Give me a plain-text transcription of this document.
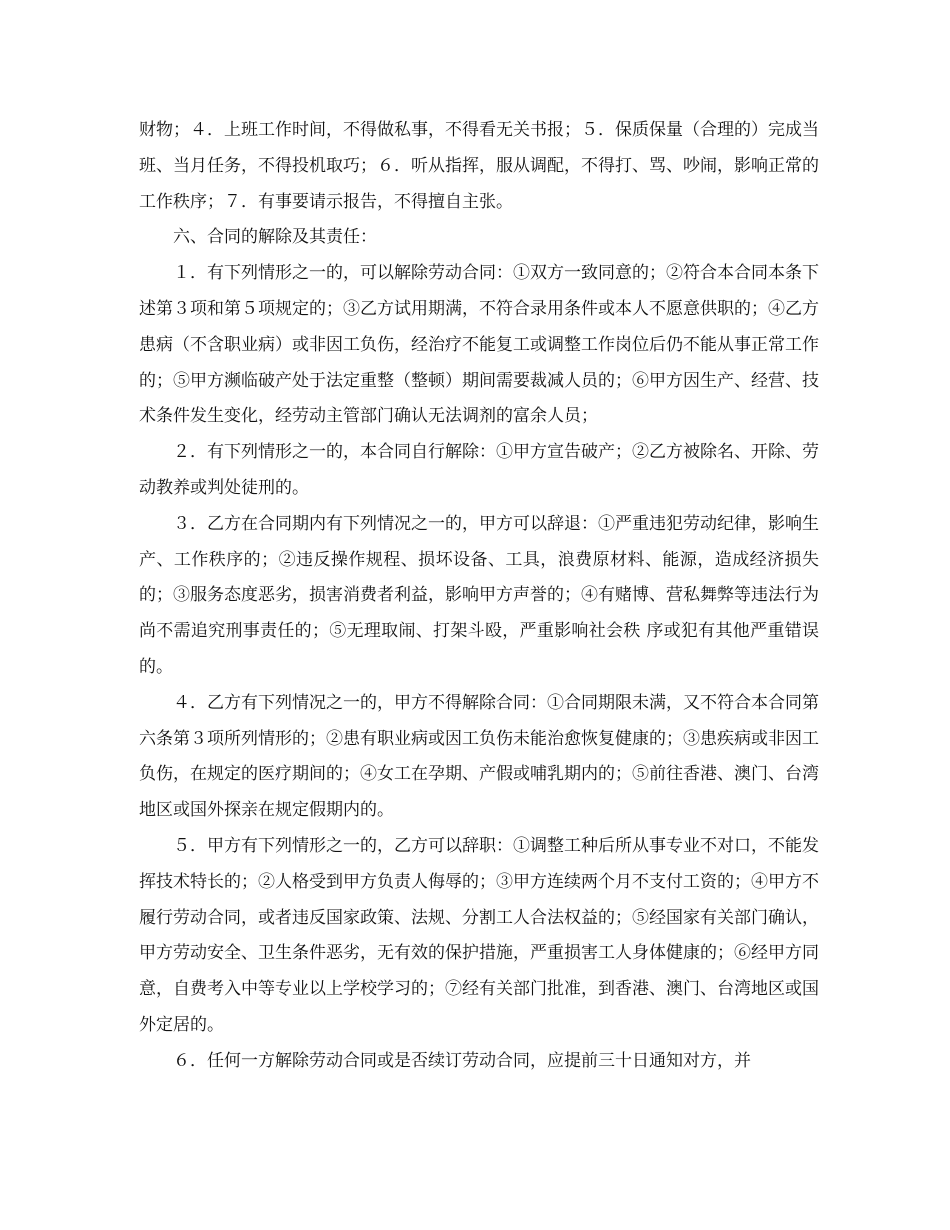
财物；４．上班工作时间，不得做私事，不得看无关书报；５．保质保量（合理的）完成当班、当月任务，不得投机取巧；６．听从指挥，服从调配，不得打、骂、吵闹，影响正常的工作秩序；７．有事要请示报告，不得擅自主张。

六、合同的解除及其责任：

１．有下列情形之一的，可以解除劳动合同：①双方一致同意的；②符合本合同本条下述第３项和第５项规定的；③乙方试用期满，不符合录用条件或本人不愿意供职的；④乙方患病（不含职业病）或非因工负伤，经治疗不能复工或调整工作岗位后仍不能从事正常工作的；⑤甲方濒临破产处于法定重整（整顿）期间需要裁减人员的；⑥甲方因生产、经营、技术条件发生变化，经劳动主管部门确认无法调剂的富余人员；

２．有下列情形之一的，本合同自行解除：①甲方宣告破产；②乙方被除名、开除、劳动教养或判处徒刑的。

３．乙方在合同期内有下列情况之一的，甲方可以辞退：①严重违犯劳动纪律，影响生产、工作秩序的；②违反操作规程、损坏设备、工具，浪费原材料、能源，造成经济损失的；③服务态度恶劣，损害消费者利益，影响甲方声誉的；④有赌博、营私舞弊等违法行为尚不需追究刑事责任的；⑤无理取闹、打架斗殴，严重影响社会秩 序或犯有其他严重错误的。

４．乙方有下列情况之一的，甲方不得解除合同：①合同期限未满，又不符合本合同第六条第３项所列情形的；②患有职业病或因工负伤未能治愈恢复健康的；③患疾病或非因工负伤，在规定的医疗期间的；④女工在孕期、产假或哺乳期内的；⑤前往香港、澳门、台湾地区或国外探亲在规定假期内的。

５．甲方有下列情形之一的，乙方可以辞职：①调整工种后所从事专业不对口，不能发挥技术特长的；②人格受到甲方负责人侮辱的；③甲方连续两个月不支付工资的；④甲方不履行劳动合同，或者违反国家政策、法规、分割工人合法权益的；⑤经国家有关部门确认，甲方劳动安全、卫生条件恶劣，无有效的保护措施，严重损害工人身体健康的；⑥经甲方同意，自费考入中等专业以上学校学习的；⑦经有关部门批准，到香港、澳门、台湾地区或国外定居的。

６．任何一方解除劳动合同或是否续订劳动合同，应提前三十日通知对方，并
